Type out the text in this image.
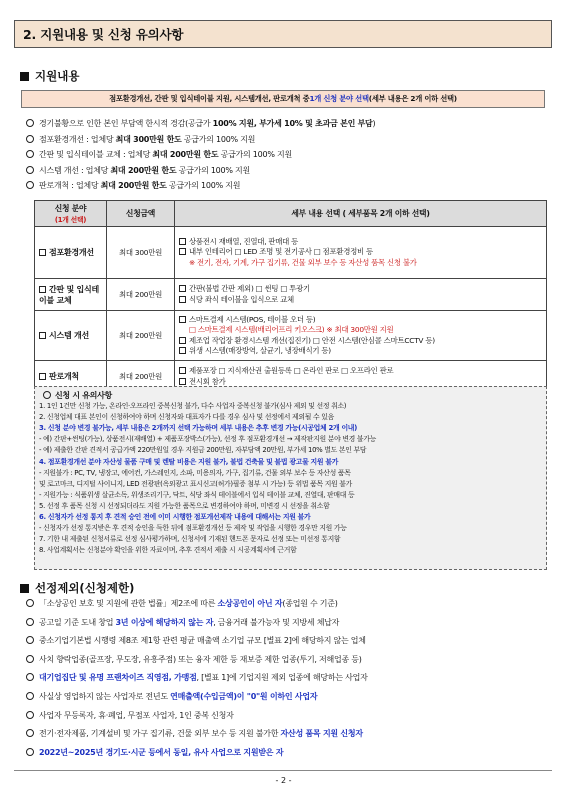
2. 지원내용 및 신청 유의사항
지원내용
점포환경개선, 간판 및 입식테이블 지원, 시스템개선, 판로개척 중 1개 신청 분야 선택 (세부 내용은 2개 이하 선택)
경기불황으로 인한 본인 부담액 한시적 경감(공급가 100% 지원, 부가세 10% 및 초과금 본인 부담)
점포환경개선 : 업체당 최대 300만원 한도 공급가의 100% 지원
간판 및 입식테이블 교체 : 업체당 최대 200만원 한도 공급가의 100% 지원
시스템 개선 : 업체당 최대 200만원 한도 공급가의 100% 지원
판로개척 : 업체당 최대 200만원 한도 공급가의 100% 지원
신청 분야
(1개 선택)	신청금액	세부 내용 선택 ( 세부품목 2개 이하 선택)
점포환경개선	최대 300만원	상품전시 재배열, 진열대, 판매대 등
내부 인테리어 □ LED 조명 및 전기공사 □ 점포환경정비 등
※ 전기, 전자, 기계, 가구 집기류, 건물 외부 보수 등 자산성 품목 신청 불가

간판 및 입식테이블 교체	최대 200만원	간판(불법 간판 제외) □ 썬팅 □ 투광기
식당 좌식 테이블을 입식으로 교체

시스템 개선	최대 200만원	스마트결제 시스템(POS, 테이블 오더 등)
□ 스마트결제 시스템(배리어프리 키오스크) ※ 최대 300만원 지원
제조업 작업장 환경시스템 개선(집진기) □ 안전 시스템(안심콜 스마트CCTV 등)
위생 시스템(매장방역, 살균기, 냉장배식기 등)

판로개척	최대 200만원	제품포장 □ 지식재산권 출원등록 □ 온라인 판로 □ 오프라인 판로
전시회 참가
신청 시 유의사항
1. 1인 1건만 신청 가능, 온라인·오프라인 중복신청 불가, 다수 사업자 중복신청 불가(심사 제외 및 선정 취소)
2. 신청업체 대표 본인이 신청하여야 하며 신청자와 대표자가 다를 경우 심사 및 선정에서 제외될 수 있음
3. 신청 분야 변경 불가능, 세부 내용은 2개까지 선택 가능하며 세부 내용은 추후 변경 가능(시공업체 2개 이내)
- 예) 간판+썬팅(가능), 상품전시(재배열) + 제품포장박스(가능), 선정 후 점포환경개선 → 제작판지원 분야 변경 불가능
- 예) 제출한 간판 견적서 공급가액 220만원일 경우 지원금 200만원, 자부담액 20만원, 부가세 10% 별도 본인 부담
4. 점포환경개선 분야 자산성 물품 구매 및 렌탈 비용은 지원 불가, 불법 건축물 및 불법 광고물 지원 불가
- 지원불가 : PC, TV, 냉장고, 에어컨, 가스레인지, 소파, 미용의자, 가구, 집기류, 건물 외부 보수 등 자산성 품목
및 로고마크, 디지털 사이니지, LED 전광판(옥외광고 표시신고(허가)필증 첨부 시 가능) 등 위법 품목 지원 불가
- 지원가능 : 식품위생 살균소독, 위생조리기구, 닥트, 식당 좌식 테이블에서 입식 테이블 교체, 진열대, 판매대 등
5. 선정 후 품목 신청 시 선정되더라도 지원 가능한 품목으로 변경하여야 하며, 미변경 시 선정을 취소함
6. 신청자가 선정 통지 후 견적 승인 전에 이미 시행한 점포개선제작 내용에 대해서는 지원 불가
- 신청자가 선정 통지받은 후 견적 승인을 득한 뒤에 점포환경개선 등 제작 및 작업을 시행한 경우만 지원 가능
7. 기한 내 제출된 신청서류로 선정 심사평가하며, 신청서에 기재된 핸드폰 문자로 선정 또는 미선정 통지함
8. 사업계획서는 신청분야 확인을 위한 자료이며, 추후 견적서 제출 시 시공계획서에 근거함
선정제외(신청제한)
「소상공인 보호 및 지원에 관한 법률」제2조에 따른 소상공인이 아닌 자(종업원 수 기준)
공고일 기준 도내 창업 3년 이상에 해당하지 않는 자, 금융거래 불가능자 및 지방세 체납자
중소기업기본법 시행령 제8조 제1항 관련 평균 매출액 소기업 규모 [별표 2]에 해당하지 않는 업체
사치 향락업종(골프장, 무도장, 유흥주점) 또는 융자 제한 등 재보증 제한 업종(투기, 저해업종 등)
대기업집단 및 유명 프랜차이즈 직영점, 가맹점, [별표 1]에 기업지원 제외 업종에 해당하는 사업자
사실상 영업하지 않는 사업자로 전년도 연매출액(수입금액)이 "0"원 이하인 사업자
사업자 무등록자, 휴·폐업, 무점포 사업자, 1인 중복 신청자
전기·전자제품, 기계설비 및 가구 집기류, 건물 외부 보수 등 지원 불가한 자산성 품목 지원 신청자
2022년~2025년 경기도·시군 등에서 동일, 유사 사업으로 지원받은 자
- 2 -
